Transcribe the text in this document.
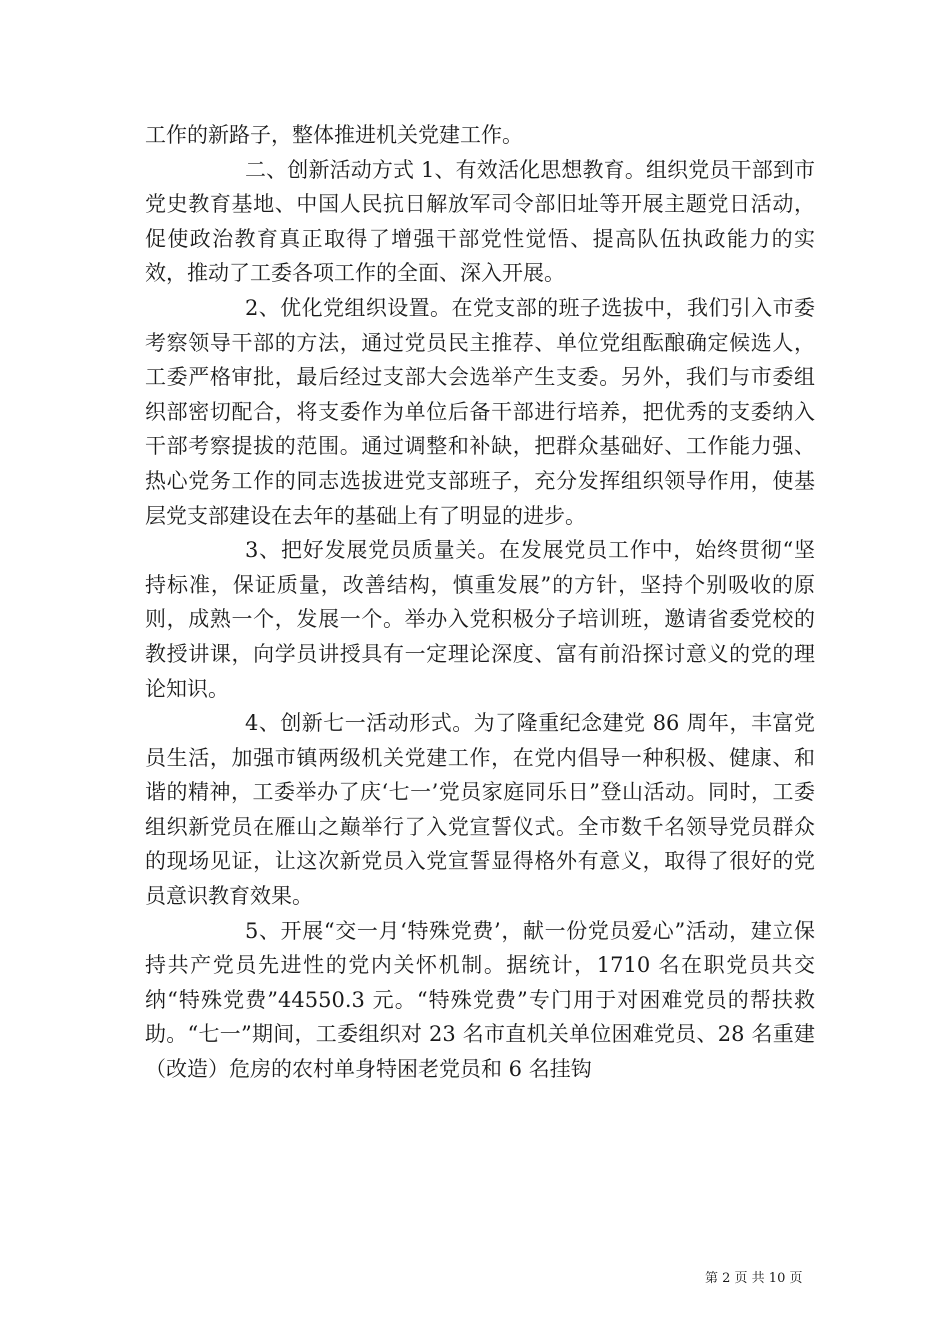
工作的新路子，整体推进机关党建工作。

二、创新活动方式 1、有效活化思想教育。组织党员干部到市党史教育基地、中国人民抗日解放军司令部旧址等开展主题党日活动，促使政治教育真正取得了增强干部党性觉悟、提高队伍执政能力的实效，推动了工委各项工作的全面、深入开展。

2、优化党组织设置。在党支部的班子选拔中，我们引入市委考察领导干部的方法，通过党员民主推荐、单位党组酝酿确定候选人，工委严格审批，最后经过支部大会选举产生支委。另外，我们与市委组织部密切配合，将支委作为单位后备干部进行培养，把优秀的支委纳入干部考察提拔的范围。通过调整和补缺，把群众基础好、工作能力强、热心党务工作的同志选拔进党支部班子，充分发挥组织领导作用，使基层党支部建设在去年的基础上有了明显的进步。

3、把好发展党员质量关。在发展党员工作中，始终贯彻“坚持标准，保证质量，改善结构，慎重发展”的方针，坚持个别吸收的原则，成熟一个，发展一个。举办入党积极分子培训班，邀请省委党校的教授讲课，向学员讲授具有一定理论深度、富有前沿探讨意义的党的理论知识。

4、创新七一活动形式。为了隆重纪念建党 86 周年，丰富党员生活，加强市镇两级机关党建工作，在党内倡导一种积极、健康、和谐的精神，工委举办了庆‘七一’党员家庭同乐日”登山活动。同时，工委组织新党员在雁山之巅举行了入党宣誓仪式。全市数千名领导党员群众的现场见证，让这次新党员入党宣誓显得格外有意义，取得了很好的党员意识教育效果。

5、开展“交一月‘特殊党费’，献一份党员爱心”活动，建立保持共产党员先进性的党内关怀机制。据统计，1710 名在职党员共交纳“特殊党费”44550.3 元。“特殊党费”专门用于对困难党员的帮扶救助。“七一”期间，工委组织对 23 名市直机关单位困难党员、28 名重建（改造）危房的农村单身特困老党员和 6 名挂钩

第 2 页 共 10 页
